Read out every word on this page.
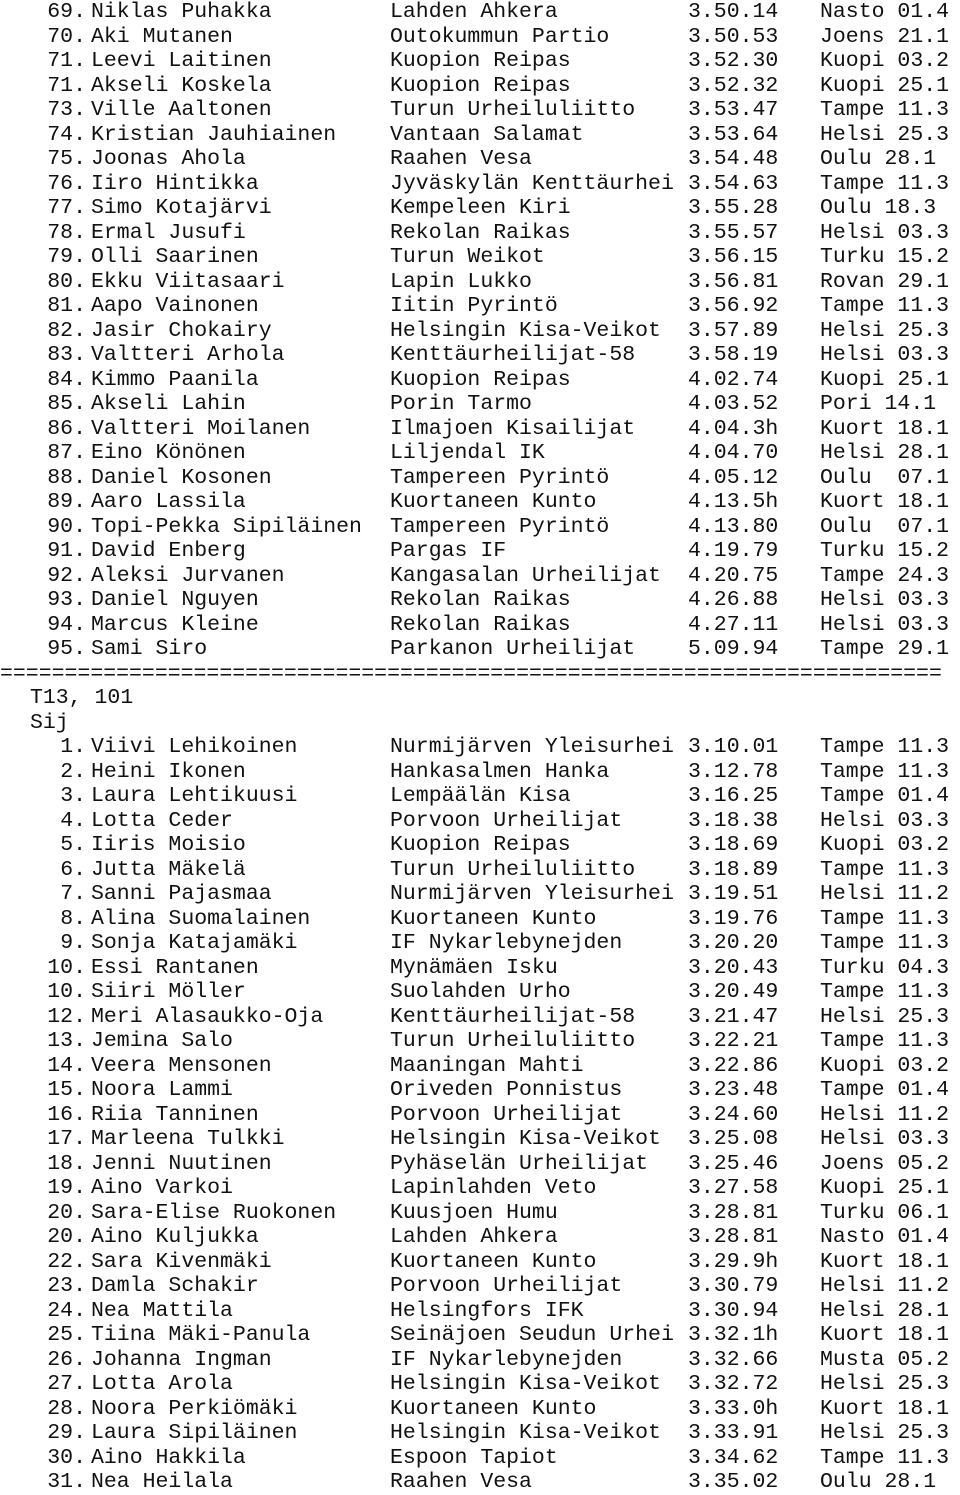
69. Niklas Puhakka	Lahden Ahkera	3.50.14 Nasto 01.4
70. Aki Mutanen	Outokummun Partio	3.50.53 Joens 21.1
71. Leevi Laitinen	Kuopion Reipas	3.52.30 Kuopi 03.2
71. Akseli Koskela	Kuopion Reipas	3.52.32 Kuopi 25.1
73. Ville Aaltonen	Turun Urheiluliitto 3.53.47 Tampe 11.3
74. Kristian Jauhiainen	Vantaan Salamat	3.53.64 Helsi 25.3
75. Joonas Ahola	Raahen Vesa	3.54.48 Oulu 28.1
76. Iiro Hintikka	Jyväskylän Kenttäurhei 3.54.63 Tampe 11.3
77. Simo Kotajärvi	Kempeleen Kiri	3.55.28 Oulu 18.3
78. Ermal Jusufi	Rekolan Raikas	3.55.57 Helsi 03.3
79. Olli Saarinen	Turun Weikot	3.56.15 Turku 15.2
80. Ekku Viitasaari	Lapin Lukko	3.56.81 Rovan 29.1
81. Aapo Vainonen	Iitin Pyrintö	3.56.92 Tampe 11.3
82. Jasir Chokairy	Helsingin Kisa-Veikot 3.57.89 Helsi 25.3
83. Valtteri Arhola	Kenttäurheilijat-58 3.58.19 Helsi 03.3
84. Kimmo Paanila	Kuopion Reipas	4.02.74 Kuopi 25.1
85. Akseli Lahin	Porin Tarmo	4.03.52 Pori 14.1
86. Valtteri Moilanen	Ilmajoen Kisailijat 4.04.3h Kuort 18.1
87. Eino Könönen	Liljendal IK	4.04.70 Helsi 28.1
88. Daniel Kosonen	Tampereen Pyrintö	4.05.12 Oulu  07.1
89. Aaro Lassila	Kuortaneen Kunto	4.13.5h Kuort 18.1
90. Topi-Pekka Sipiläinen Tampereen Pyrintö	4.13.80 Oulu  07.1
91. David Enberg	Pargas IF	4.19.79 Turku 15.2
92. Aleksi Jurvanen	Kangasalan Urheilijat 4.20.75 Tampe 24.3
93. Daniel Nguyen	Rekolan Raikas	4.26.88 Helsi 03.3
94. Marcus Kleine	Rekolan Raikas	4.27.11 Helsi 03.3
95. Sami Siro	Parkanon Urheilijat 5.09.94 Tampe 29.1
=========================================================================

T13, 101

Sij

1. Viivi Lehikoinen	Nurmijärven Yleisurhei 3.10.01 Tampe 11.3
2. Heini Ikonen	Hankasalmen Hanka	3.12.78 Tampe 11.3
3. Laura Lehtikuusi	Lempäälän Kisa	3.16.25 Tampe 01.4
4. Lotta Ceder	Porvoon Urheilijat	3.18.38 Helsi 03.3
5. Iiris Moisio	Kuopion Reipas	3.18.69 Kuopi 03.2
6. Jutta Mäkelä	Turun Urheiluliitto 3.18.89 Tampe 11.3
7. Sanni Pajasmaa	Nurmijärven Yleisurhei 3.19.51 Helsi 11.2
8. Alina Suomalainen	Kuortaneen Kunto	3.19.76 Tampe 11.3
9. Sonja Katajamäki	IF Nykarlebynejden	3.20.20 Tampe 11.3
10. Essi Rantanen	Mynämäen Isku	3.20.43 Turku 04.3
10. Siiri Möller	Suolahden Urho	3.20.49 Tampe 11.3
12. Meri Alasaukko-Oja	Kenttäurheilijat-58 3.21.47 Helsi 25.3
13. Jemina Salo	Turun Urheiluliitto 3.22.21 Tampe 11.3
14. Veera Mensonen	Maaningan Mahti	3.22.86 Kuopi 03.2
15. Noora Lammi	Oriveden Ponnistus	3.23.48 Tampe 01.4
16. Riia Tanninen	Porvoon Urheilijat	3.24.60 Helsi 11.2
17. Marleena Tulkki	Helsingin Kisa-Veikot 3.25.08 Helsi 03.3
18. Jenni Nuutinen	Pyhäselän Urheilijat 3.25.46 Joens 05.2
19. Aino Varkoi	Lapinlahden Veto	3.27.58 Kuopi 25.1
20. Sara-Elise Ruokonen	Kuusjoen Humu	3.28.81 Turku 06.1
20. Aino Kuljukka	Lahden Ahkera	3.28.81 Nasto 01.4
22. Sara Kivenmäki	Kuortaneen Kunto	3.29.9h Kuort 18.1
23. Damla Schakir	Porvoon Urheilijat	3.30.79 Helsi 11.2
24. Nea Mattila	Helsingfors IFK	3.30.94 Helsi 28.1
25. Tiina Mäki-Panula	Seinäjoen Seudun Urhei 3.32.1h Kuort 18.1
26. Johanna Ingman	IF Nykarlebynejden	3.32.66 Musta 05.2
27. Lotta Arola	Helsingin Kisa-Veikot 3.32.72 Helsi 25.3
28. Noora Perkiömäki	Kuortaneen Kunto	3.33.0h Kuort 18.1
29. Laura Sipiläinen	Helsingin Kisa-Veikot 3.33.91 Helsi 25.3
30. Aino Hakkila	Espoon Tapiot	3.34.62 Tampe 11.3
31. Nea Heilala	Raahen Vesa	3.35.02 Oulu 28.1
